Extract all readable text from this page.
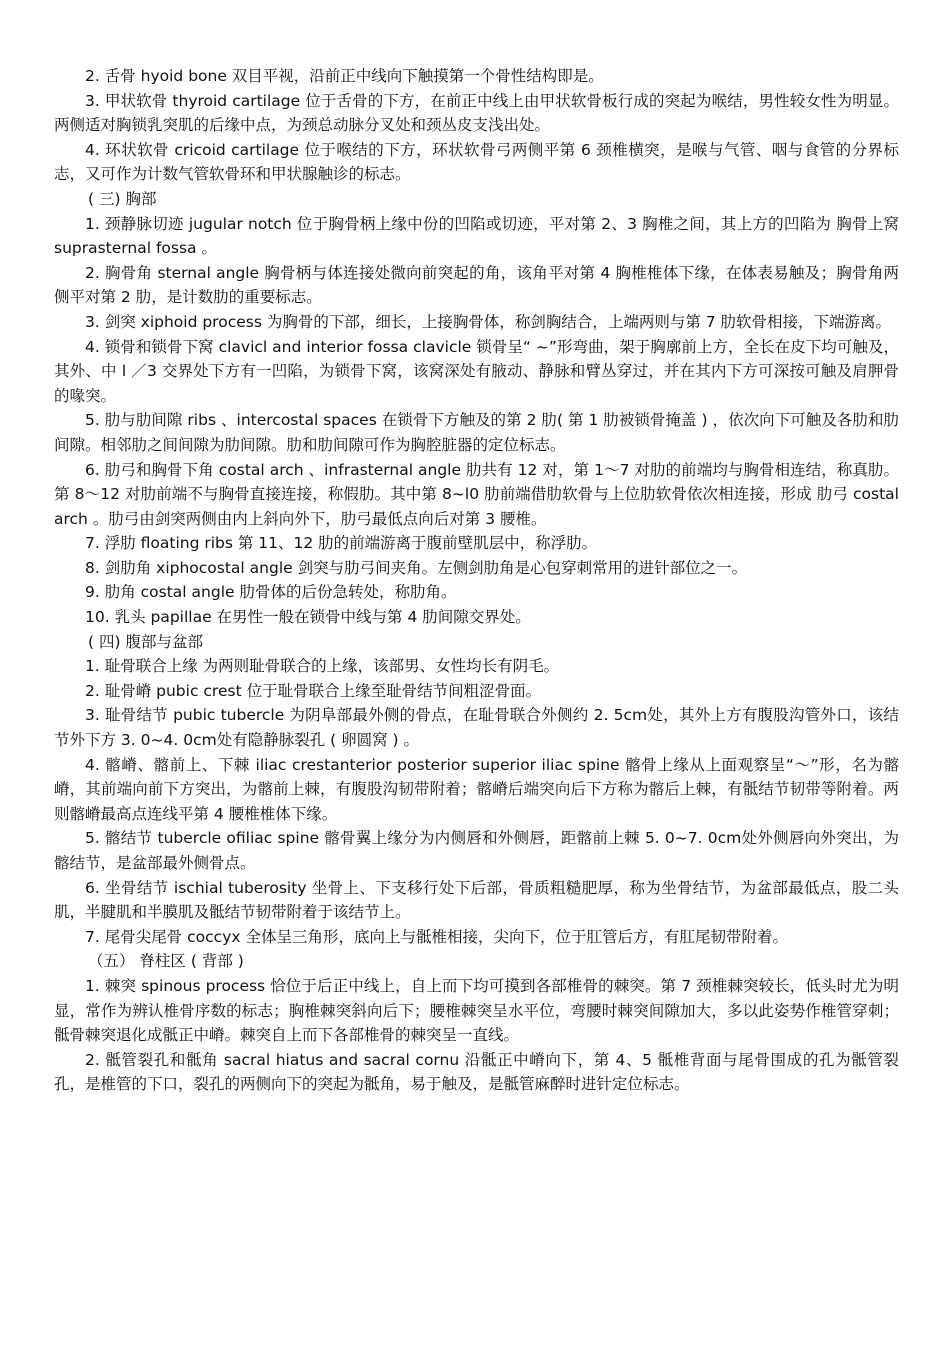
2. 舌骨 hyoid bone 双目平视，沿前正中线向下触摸第一个骨性结构即是。

3. 甲状软骨 thyroid cartilage 位于舌骨的下方，在前正中线上由甲状软骨板行成的突起为喉结，男性较女性为明显。两侧适对胸锁乳突肌的后缘中点，为颈总动脉分叉处和颈丛皮支浅出处。

4. 环状软骨 cricoid cartilage 位于喉结的下方，环状软骨弓两侧平第 6 颈椎横突，是喉与气管、咽与食管的分界标志，又可作为计数气管软骨环和甲状腺触诊的标志。

( 三) 胸部

1. 颈静脉切迹 jugular notch 位于胸骨柄上缘中份的凹陷或切迹，平对第 2、3 胸椎之间，其上方的凹陷为 胸骨上窝 suprasternal fossa 。

2. 胸骨角 sternal angle 胸骨柄与体连接处微向前突起的角，该角平对第 4 胸椎椎体下缘，在体表易触及；胸骨角两侧平对第 2 肋，是计数肋的重要标志。

3. 剑突 xiphoid process 为胸骨的下部，细长，上接胸骨体，称剑胸结合，上端两则与第 7 肋软骨相接，下端游离。

4. 锁骨和锁骨下窝 clavicl and interior fossa clavicle 锁骨呈“ ~”形弯曲，架于胸廓前上方，全长在皮下均可触及，其外、中 l ／3 交界处下方有一凹陷，为锁骨下窝，该窝深处有腋动、静脉和臂丛穿过，并在其内下方可深按可触及肩胛骨的喙突。

5. 肋与肋间隙 ribs 、intercostal spaces 在锁骨下方触及的第 2 肋( 第 1 肋被锁骨掩盖 ) ，依次向下可触及各肋和肋间隙。相邻肋之间间隙为肋间隙。肋和肋间隙可作为胸腔脏器的定位标志。

6. 肋弓和胸骨下角 costal arch 、infrasternal angle 肋共有 12 对，第 1～7 对肋的前端均与胸骨相连结，称真肋。第 8～12 对肋前端不与胸骨直接连接，称假肋。其中第 8~l0 肋前端借肋软骨与上位肋软骨依次相连接，形成 肋弓 costal arch 。肋弓由剑突两侧由内上斜向外下，肋弓最低点向后对第 3 腰椎。

7. 浮肋 floating ribs 第 11、12 肋的前端游离于腹前壁肌层中，称浮肋。

8. 剑肋角 xiphocostal angle 剑突与肋弓间夹角。左侧剑肋角是心包穿刺常用的进针部位之一。

9. 肋角 costal angle 肋骨体的后份急转处，称肋角。

10. 乳头 papillae 在男性一般在锁骨中线与第 4 肋间隙交界处。

( 四) 腹部与盆部

1. 耻骨联合上缘 为两则耻骨联合的上缘，该部男、女性均长有阴毛。

2. 耻骨嵴 pubic crest 位于耻骨联合上缘至耻骨结节间粗涩骨面。

3. 耻骨结节 pubic tubercle 为阴阜部最外侧的骨点，在耻骨联合外侧约 2. 5cm处，其外上方有腹股沟管外口，该结节外下方 3. 0~4. 0cm处有隐静脉裂孔 ( 卵圆窝 ) 。

4. 髂嵴、髂前上、下棘 iliac crestanterior posterior superior iliac spine 髂骨上缘从上面观察呈“～”形，名为髂嵴，其前端向前下方突出，为髂前上棘，有腹股沟韧带附着；髂嵴后端突向后下方称为髂后上棘，有骶结节韧带等附着。两则髂嵴最高点连线平第 4 腰椎椎体下缘。

5. 髂结节 tubercle ofiliac spine 髂骨翼上缘分为内侧唇和外侧唇，距髂前上棘 5. 0~7. 0cm处外侧唇向外突出，为髂结节，是盆部最外侧骨点。

6. 坐骨结节 ischial tuberosity 坐骨上、下支移行处下后部，骨质粗糙肥厚，称为坐骨结节，为盆部最低点，股二头肌，半腱肌和半膜肌及骶结节韧带附着于该结节上。

7. 尾骨尖尾骨 coccyx 全体呈三角形，底向上与骶椎相接，尖向下，位于肛管后方，有肛尾韧带附着。

（五） 脊柱区 ( 背部 )

1. 棘突 spinous process 恰位于后正中线上，自上而下均可摸到各部椎骨的棘突。第 7 颈椎棘突较长，低头时尤为明显，常作为辨认椎骨序数的标志；胸椎棘突斜向后下；腰椎棘突呈水平位，弯腰时棘突间隙加大，多以此姿势作椎管穿刺；骶骨棘突退化成骶正中嵴。棘突自上而下各部椎骨的棘突呈一直线。

2. 骶管裂孔和骶角 sacral hiatus and sacral cornu 沿骶正中嵴向下，第 4、5 骶椎背面与尾骨围成的孔为骶管裂孔，是椎管的下口，裂孔的两侧向下的突起为骶角，易于触及，是骶管麻醉时进针定位标志。
